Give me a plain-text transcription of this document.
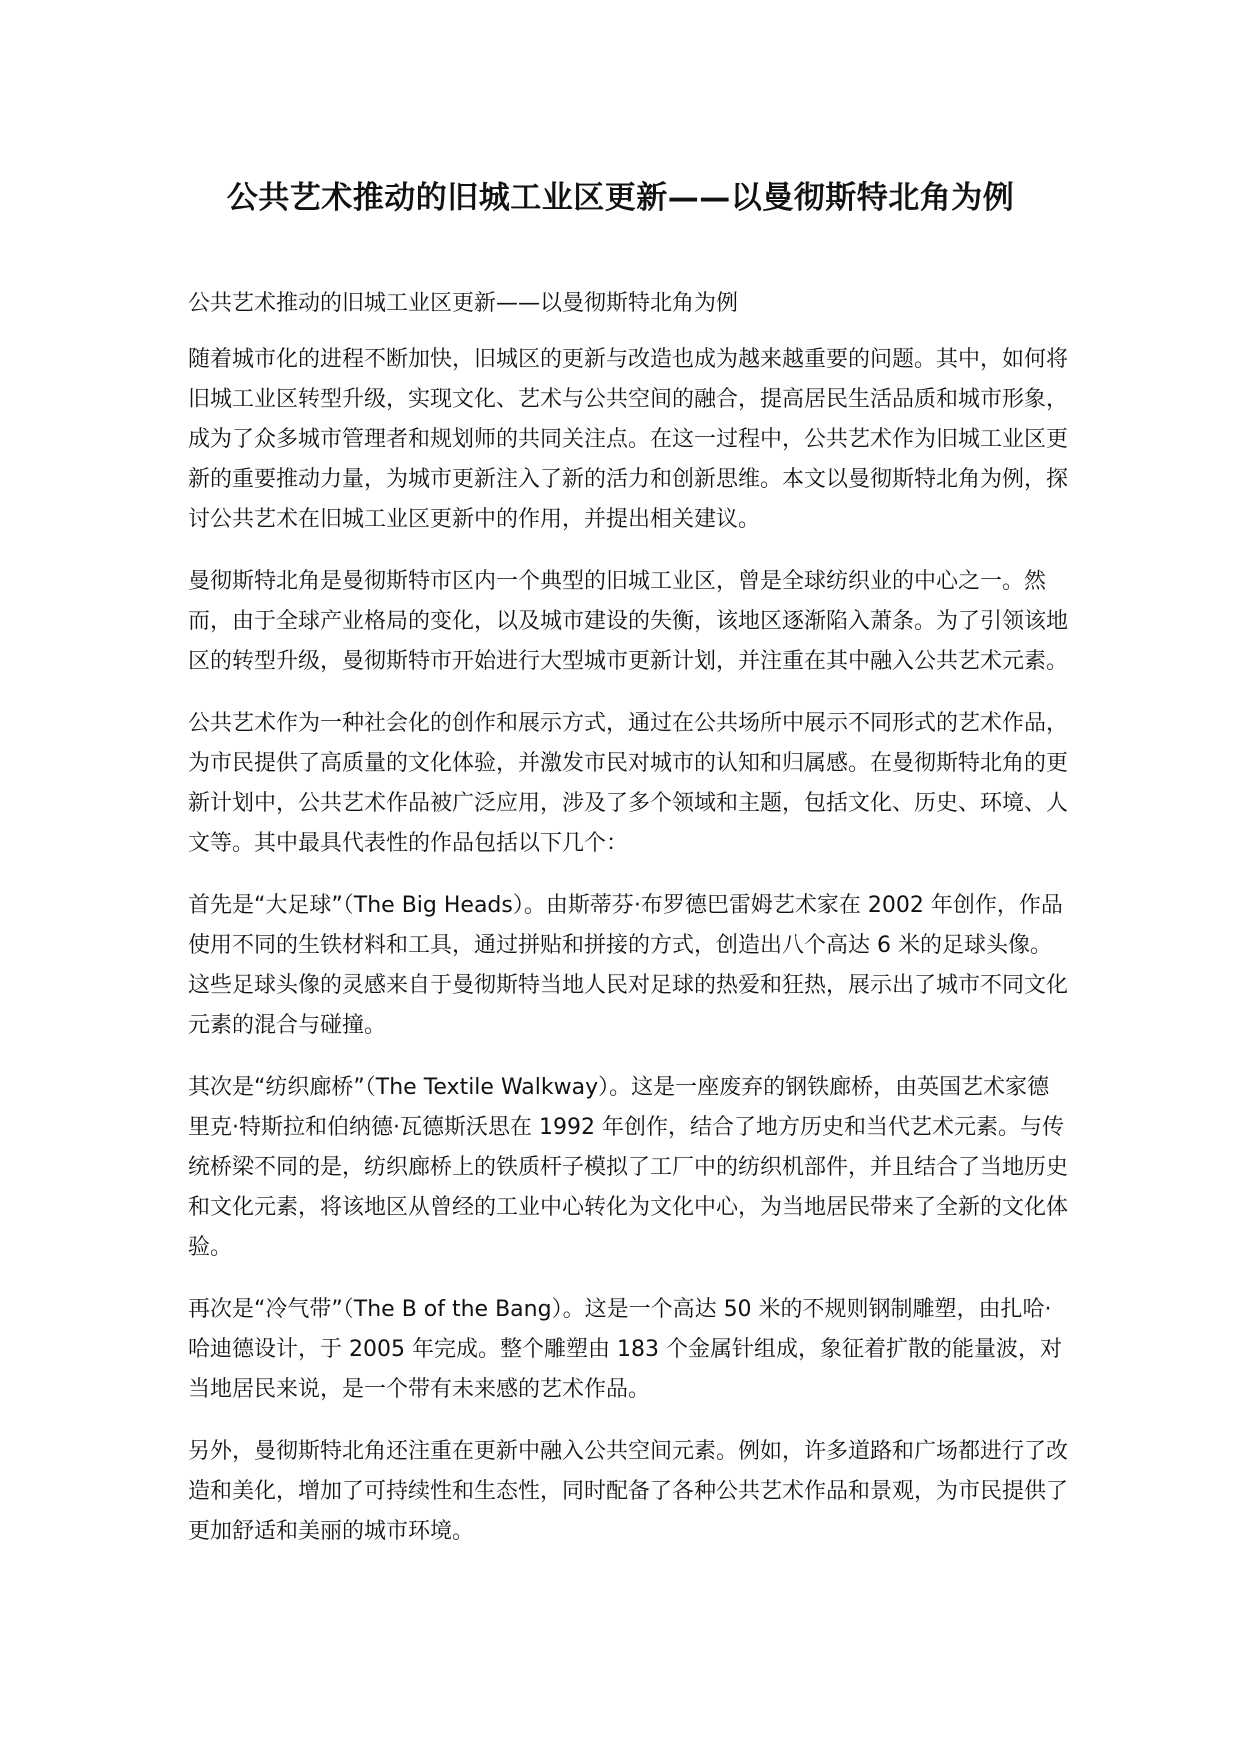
公共艺术推动的旧城工业区更新——以曼彻斯特北角为例

公共艺术推动的旧城工业区更新——以曼彻斯特北角为例

随着城市化的进程不断加快，旧城区的更新与改造也成为越来越重要的问题。其中，如何将旧城工业区转型升级，实现文化、艺术与公共空间的融合，提高居民生活品质和城市形象，成为了众多城市管理者和规划师的共同关注点。在这一过程中，公共艺术作为旧城工业区更新的重要推动力量，为城市更新注入了新的活力和创新思维。本文以曼彻斯特北角为例，探讨公共艺术在旧城工业区更新中的作用，并提出相关建议。

曼彻斯特北角是曼彻斯特市区内一个典型的旧城工业区，曾是全球纺织业的中心之一。然而，由于全球产业格局的变化，以及城市建设的失衡，该地区逐渐陷入萧条。为了引领该地区的转型升级，曼彻斯特市开始进行大型城市更新计划，并注重在其中融入公共艺术元素。

公共艺术作为一种社会化的创作和展示方式，通过在公共场所中展示不同形式的艺术作品，为市民提供了高质量的文化体验，并激发市民对城市的认知和归属感。在曼彻斯特北角的更新计划中，公共艺术作品被广泛应用，涉及了多个领域和主题，包括文化、历史、环境、人文等。其中最具代表性的作品包括以下几个：

首先是“大足球”（The Big Heads）。由斯蒂芬·布罗德巴雷姆艺术家在 2002 年创作，作品使用不同的生铁材料和工具，通过拼贴和拼接的方式，创造出八个高达 6 米的足球头像。这些足球头像的灵感来自于曼彻斯特当地人民对足球的热爱和狂热，展示出了城市不同文化元素的混合与碰撞。

其次是“纺织廊桥”（The Textile Walkway）。这是一座废弃的钢铁廊桥，由英国艺术家德里克·特斯拉和伯纳德·瓦德斯沃思在 1992 年创作，结合了地方历史和当代艺术元素。与传统桥梁不同的是，纺织廊桥上的铁质杆子模拟了工厂中的纺织机部件，并且结合了当地历史和文化元素，将该地区从曾经的工业中心转化为文化中心，为当地居民带来了全新的文化体验。

再次是“冷气带”（The B of the Bang）。这是一个高达 50 米的不规则钢制雕塑，由扎哈·哈迪德设计，于 2005 年完成。整个雕塑由 183 个金属针组成，象征着扩散的能量波，对当地居民来说，是一个带有未来感的艺术作品。

另外，曼彻斯特北角还注重在更新中融入公共空间元素。例如，许多道路和广场都进行了改造和美化，增加了可持续性和生态性，同时配备了各种公共艺术作品和景观，为市民提供了更加舒适和美丽的城市环境。
